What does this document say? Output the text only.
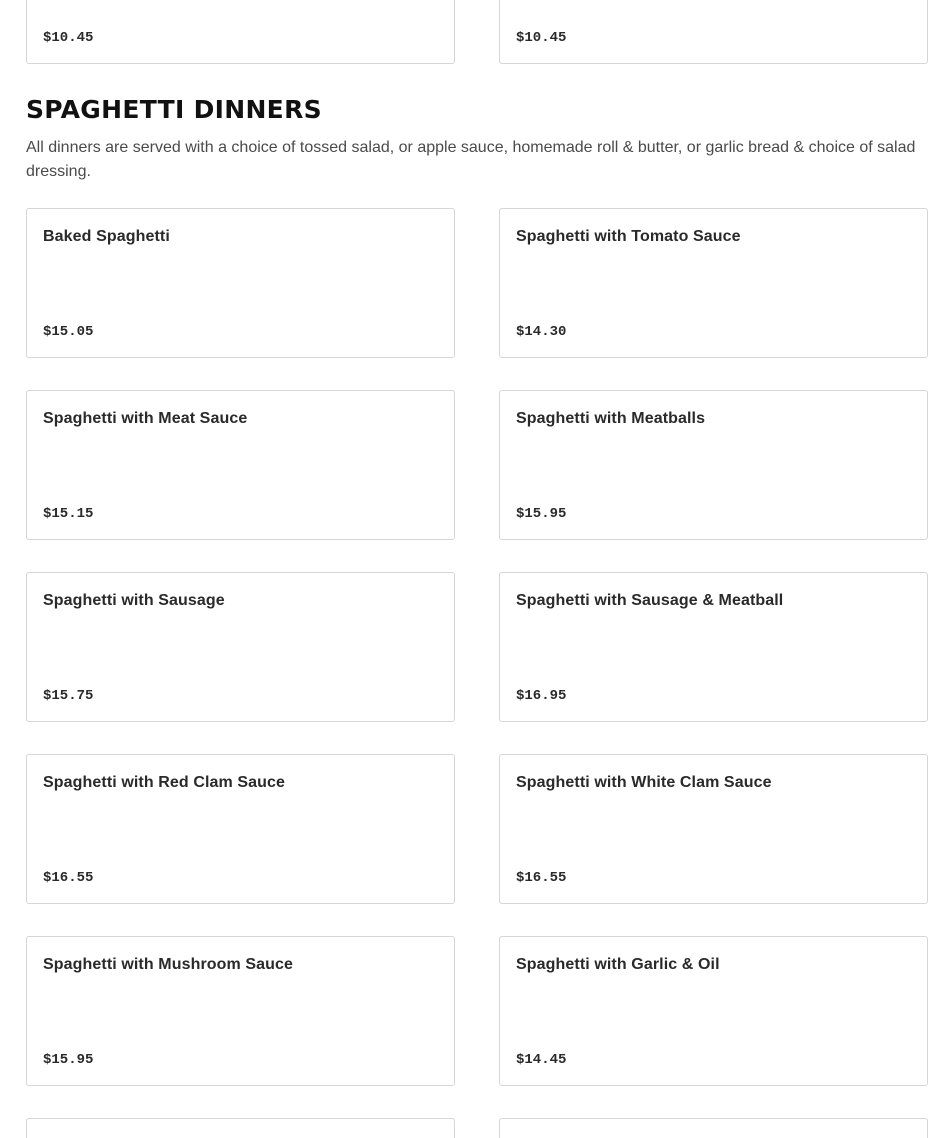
$10.45	$10.45
SPAGHETTI DINNERS

All dinners are served with a choice of tossed salad, or apple sauce, homemade roll & butter, or garlic bread & choice of salad dressing.

Baked Spaghetti
$15.05
Spaghetti with Tomato Sauce
$14.30
Spaghetti with Meat Sauce
$15.15
Spaghetti with Meatballs
$15.95
Spaghetti with Sausage
$15.75
Spaghetti with Sausage & Meatball
$16.95
Spaghetti with Red Clam Sauce
$16.55
Spaghetti with White Clam Sauce
$16.55
Spaghetti with Mushroom Sauce
$15.95
Spaghetti with Garlic & Oil
$14.45
